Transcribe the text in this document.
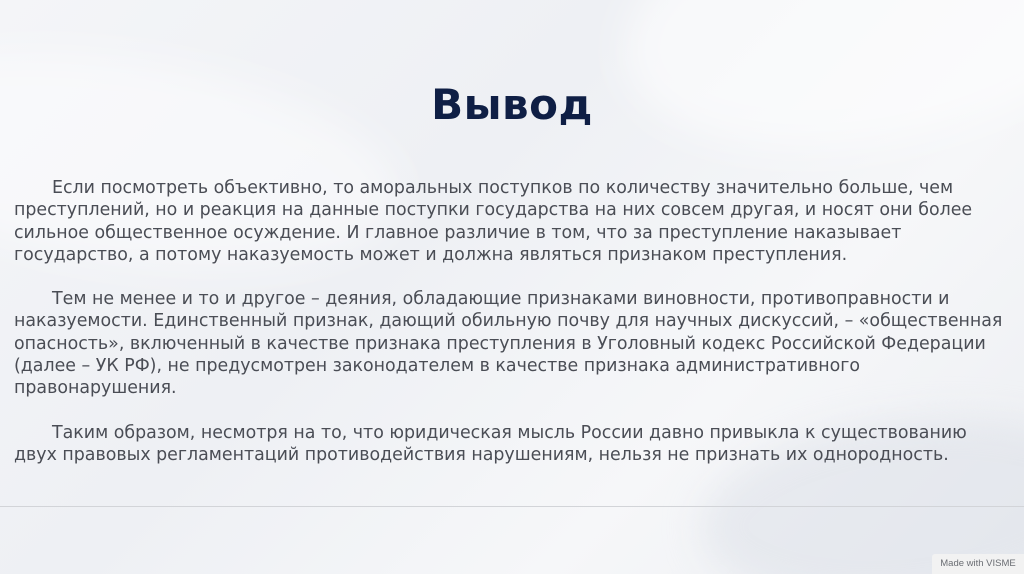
Вывод

Если посмотреть объективно, то аморальных поступков по количеству значительно больше, чем преступлений, но и реакция на данные поступки государства на них совсем другая, и носят они более сильное общественное осуждение. И главное различие в том, что за преступление наказывает государство, а потому наказуемость может и должна являться признаком преступления.

Тем не менее и то и другое – деяния, обладающие признаками виновности, противоправности и наказуемости. Единственный признак, дающий обильную почву для научных дискуссий, – «общественная опасность», включенный в качестве признака преступления в Уголовный кодекс Российской Федерации (далее – УК РФ), не предусмотрен законодателем в качестве признака административного правонарушения.

Таким образом, несмотря на то, что юридическая мысль России давно привыкла к существованию двух правовых регламентаций противодействия нарушениям, нельзя не признать их однородность.

Made with VISME
